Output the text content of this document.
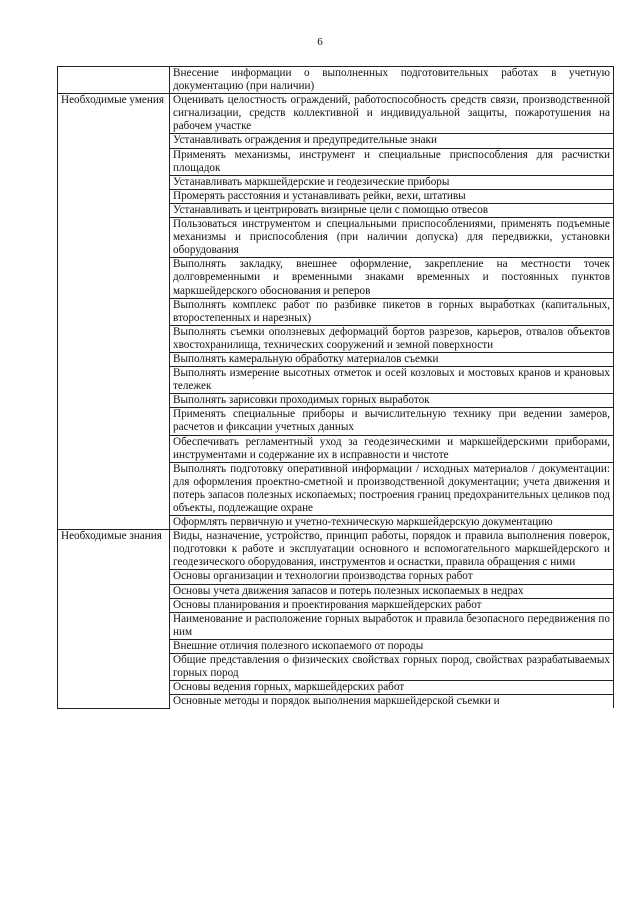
6
	Внесение информации о выполненных подготовительных работах в учетную документацию (при наличии)
Необходимые умения	Оценивать целостность ограждений, работоспособность средств связи, производственной сигнализации, средств коллективной и индивидуальной защиты, пожаротушения на рабочем участке
	Устанавливать ограждения и предупредительные знаки
	Применять механизмы, инструмент и специальные приспособления для расчистки площадок
	Устанавливать маркшейдерские и геодезические приборы
	Промерять расстояния и устанавливать рейки, вехи, штативы
	Устанавливать и центрировать визирные цели с помощью отвесов
	Пользоваться инструментом и специальными приспособлениями, применять подъемные механизмы и приспособления (при наличии допуска) для передвижки, установки оборудования
	Выполнять закладку, внешнее оформление, закрепление на местности точек долговременными и временными знаками временных и постоянных пунктов маркшейдерского обоснования и реперов
	Выполнять комплекс работ по разбивке пикетов в горных выработках (капитальных, второстепенных и нарезных)
	Выполнять съемки оползневых деформаций бортов разрезов, карьеров, отвалов объектов хвостохранилища, технических сооружений и земной поверхности
	Выполнять камеральную обработку материалов съемки
	Выполнять измерение высотных отметок и осей козловых и мостовых кранов и крановых тележек
	Выполнять зарисовки проходимых горных выработок
	Применять специальные приборы и вычислительную технику при ведении замеров, расчетов и фиксации учетных данных
	Обеспечивать регламентный уход за геодезическими и маркшейдерскими приборами, инструментами и содержание их в исправности и чистоте
	Выполнять подготовку оперативной информации / исходных материалов / документации: для оформления проектно-сметной и производственной документации; учета движения и потерь запасов полезных ископаемых; построения границ предохранительных целиков под объекты, подлежащие охране
	Оформлять первичную и учетно-техническую маркшейдерскую документацию
Необходимые знания	Виды, назначение, устройство, принцип работы, порядок и правила выполнения поверок, подготовки к работе и эксплуатации основного и вспомогательного маркшейдерского и геодезического оборудования, инструментов и оснастки, правила обращения с ними
	Основы организации и технологии производства горных работ
	Основы учета движения запасов и потерь полезных ископаемых в недрах
	Основы планирования и проектирования маркшейдерских работ
	Наименование и расположение горных выработок и правила безопасного передвижения по ним
	Внешние отличия полезного ископаемого от породы
	Общие представления о физических свойствах горных пород, свойствах разрабатываемых горных пород
	Основы ведения горных, маркшейдерских работ
	Основные методы и порядок выполнения маркшейдерской съемки и
